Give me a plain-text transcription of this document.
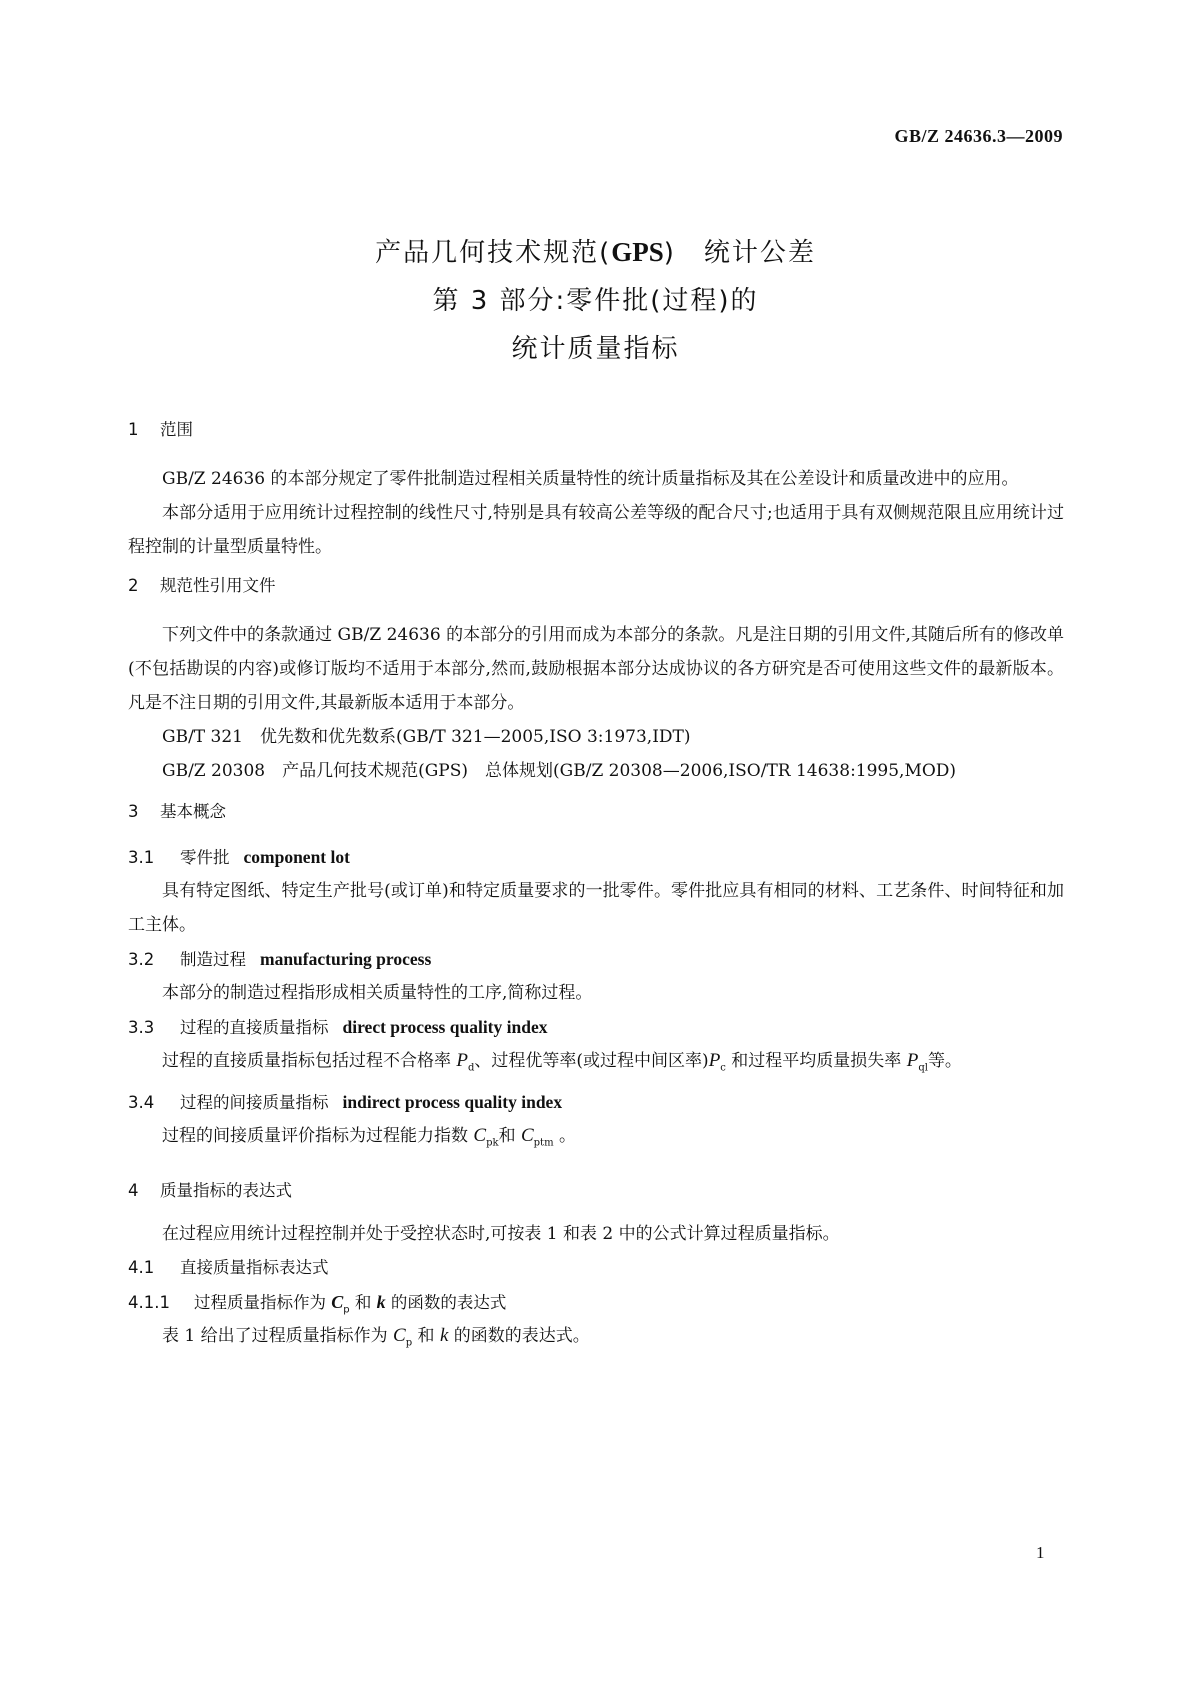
GB/Z 24636.3—2009
产品几何技术规范(GPS)　统计公差
第 3 部分:零件批(过程)的
统计质量指标
1 范围

GB/Z 24636 的本部分规定了零件批制造过程相关质量特性的统计质量指标及其在公差设计和质量改进中的应用。

本部分适用于应用统计过程控制的线性尺寸,特别是具有较高公差等级的配合尺寸;也适用于具有双侧规范限且应用统计过程控制的计量型质量特性。

2 规范性引用文件

下列文件中的条款通过 GB/Z 24636 的本部分的引用而成为本部分的条款。凡是注日期的引用文件,其随后所有的修改单(不包括勘误的内容)或修订版均不适用于本部分,然而,鼓励根据本部分达成协议的各方研究是否可使用这些文件的最新版本。凡是不注日期的引用文件,其最新版本适用于本部分。

GB/T 321　优先数和优先数系(GB/T 321—2005,ISO 3:1973,IDT)

GB/Z 20308　产品几何技术规范(GPS)　总体规划(GB/Z 20308—2006,ISO/TR 14638:1995,MOD)

3 基本概念
3.1 零件批 component lot

具有特定图纸、特定生产批号(或订单)和特定质量要求的一批零件。零件批应具有相同的材料、工艺条件、时间特征和加工主体。

3.2 制造过程 manufacturing process

本部分的制造过程指形成相关质量特性的工序,简称过程。

3.3 过程的直接质量指标 direct process quality index

过程的直接质量指标包括过程不合格率 $P_d$、过程优等率(或过程中间区率)$P_c$ 和过程平均质量损失率 $P_{ql}$等。

3.4 过程的间接质量指标 indirect process quality index

过程的间接质量评价指标为过程能力指数 $C_{pk}$和 $C_{ptm}$ 。

4 质量指标的表达式

在过程应用统计过程控制并处于受控状态时,可按表 1 和表 2 中的公式计算过程质量指标。

4.1 直接质量指标表达式
4.1.1 过程质量指标作为 $C_p$ 和 k 的函数的表达式

表 1 给出了过程质量指标作为 $C_p$ 和 k 的函数的表达式。

1
